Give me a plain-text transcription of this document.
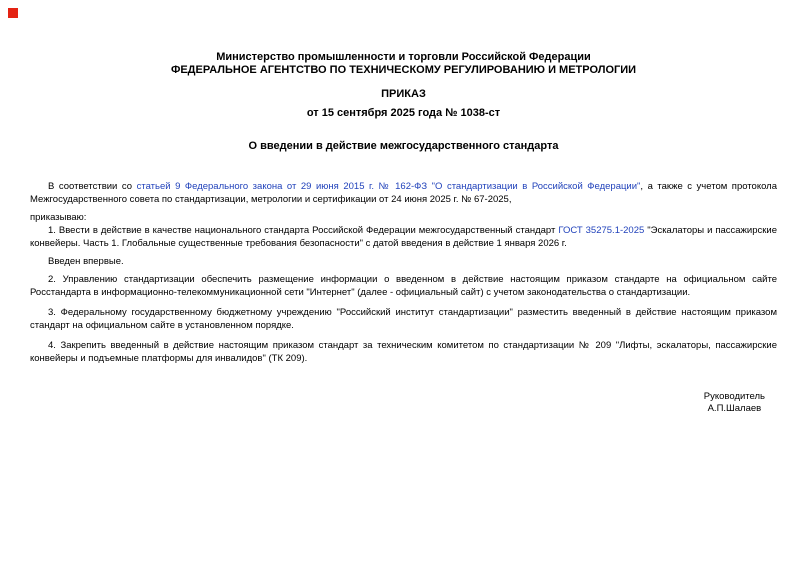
Министерство промышленности и торговли Российской Федерации

ФЕДЕРАЛЬНОЕ АГЕНТСТВО ПО ТЕХНИЧЕСКОМУ РЕГУЛИРОВАНИЮ И МЕТРОЛОГИИ

ПРИКАЗ

от 15 сентября 2025 года № 1038-ст

О введении в действие межгосударственного стандарта

В соответствии со статьей 9 Федерального закона от 29 июня 2015 г. № 162-ФЗ "О стандартизации в Российской Федерации", а также с учетом протокола Межгосударственного совета по стандартизации, метрологии и сертификации от 24 июня 2025 г. № 67-2025,

приказываю:

1. Ввести в действие в качестве национального стандарта Российской Федерации межгосударственный стандарт ГОСТ 35275.1-2025 "Эскалаторы и пассажирские конвейеры. Часть 1. Глобальные существенные требования безопасности" с датой введения в действие 1 января 2026 г.

Введен впервые.

2. Управлению стандартизации обеспечить размещение информации о введенном в действие настоящим приказом стандарте на официальном сайте Росстандарта в информационно-телекоммуникационной сети "Интернет" (далее - официальный сайт) с учетом законодательства о стандартизации.

3. Федеральному государственному бюджетному учреждению "Российский институт стандартизации" разместить введенный в действие настоящим приказом стандарт на официальном сайте в установленном порядке.

4. Закрепить введенный в действие настоящим приказом стандарт за техническим комитетом по стандартизации № 209 "Лифты, эскалаторы, пассажирские конвейеры и подъемные платформы для инвалидов" (ТК 209).

Руководитель
А.П.Шалаев
